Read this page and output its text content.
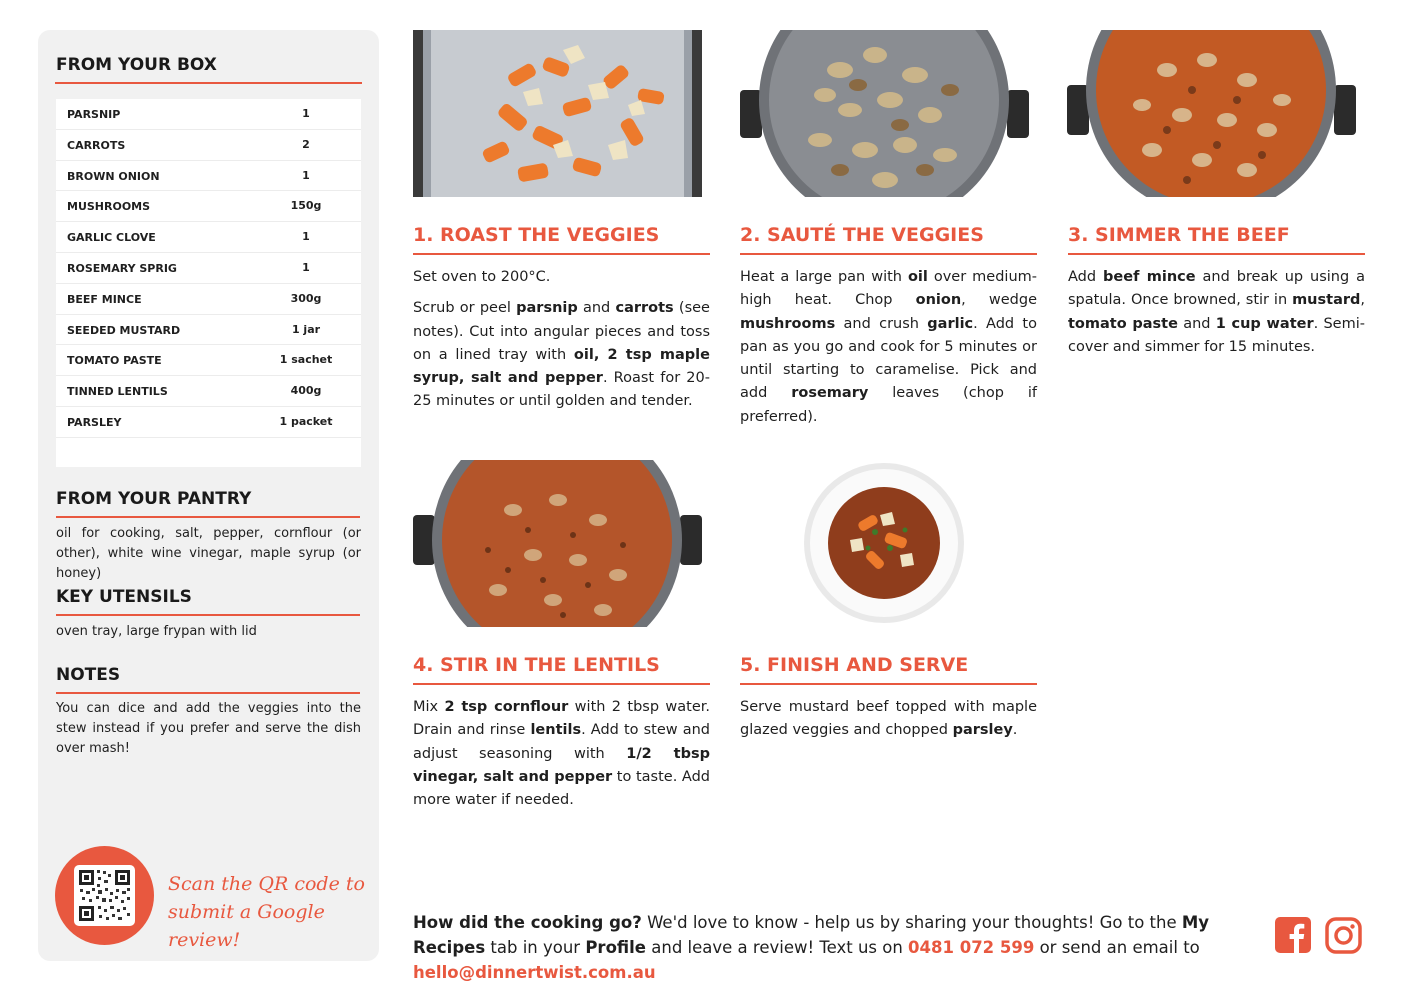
FROM YOUR BOX
PARSNIP	1
CARROTS	2
BROWN ONION	1
MUSHROOMS	150g
GARLIC CLOVE	1
ROSEMARY SPRIG	1
BEEF MINCE	300g
SEEDED MUSTARD	1 jar
TOMATO PASTE	1 sachet
TINNED LENTILS	400g
PARSLEY	1 packet
FROM YOUR PANTRY
oil for cooking, salt, pepper, cornflour (or other), white wine vinegar, maple syrup (or honey)
KEY UTENSILS
oven tray, large frypan with lid
NOTES
You can dice and add the veggies into the stew instead if you prefer and serve the dish over mash!
Scan the QR code to
submit a Google review!
1. ROAST THE VEGGIES

Set oven to 200°C.

Scrub or peel parsnip and carrots (see notes). Cut into angular pieces and toss on a lined tray with oil, 2 tsp maple syrup, salt and pepper. Roast for 20-25 minutes or until golden and tender.

2. SAUTÉ THE VEGGIES

Heat a large pan with oil over medium-high heat. Chop onion, wedge mushrooms and crush garlic. Add to pan as you go and cook for 5 minutes or until starting to caramelise. Pick and add rosemary leaves (chop if preferred).

3. SIMMER THE BEEF

Add beef mince and break up using a spatula. Once browned, stir in mustard, tomato paste and 1 cup water. Semi-cover and simmer for 15 minutes.

4. STIR IN THE LENTILS

Mix 2 tsp cornflour with 2 tbsp water. Drain and rinse lentils. Add to stew and adjust seasoning with 1/2 tbsp vinegar, salt and pepper to taste. Add more water if needed.

5. FINISH AND SERVE

Serve mustard beef topped with maple glazed veggies and chopped parsley.

How did the cooking go? We'd love to know - help us by sharing your thoughts! Go to the My Recipes tab in your Profile and leave a review! Text us on 0481 072 599 or send an email to hello@dinnertwist.com.au
